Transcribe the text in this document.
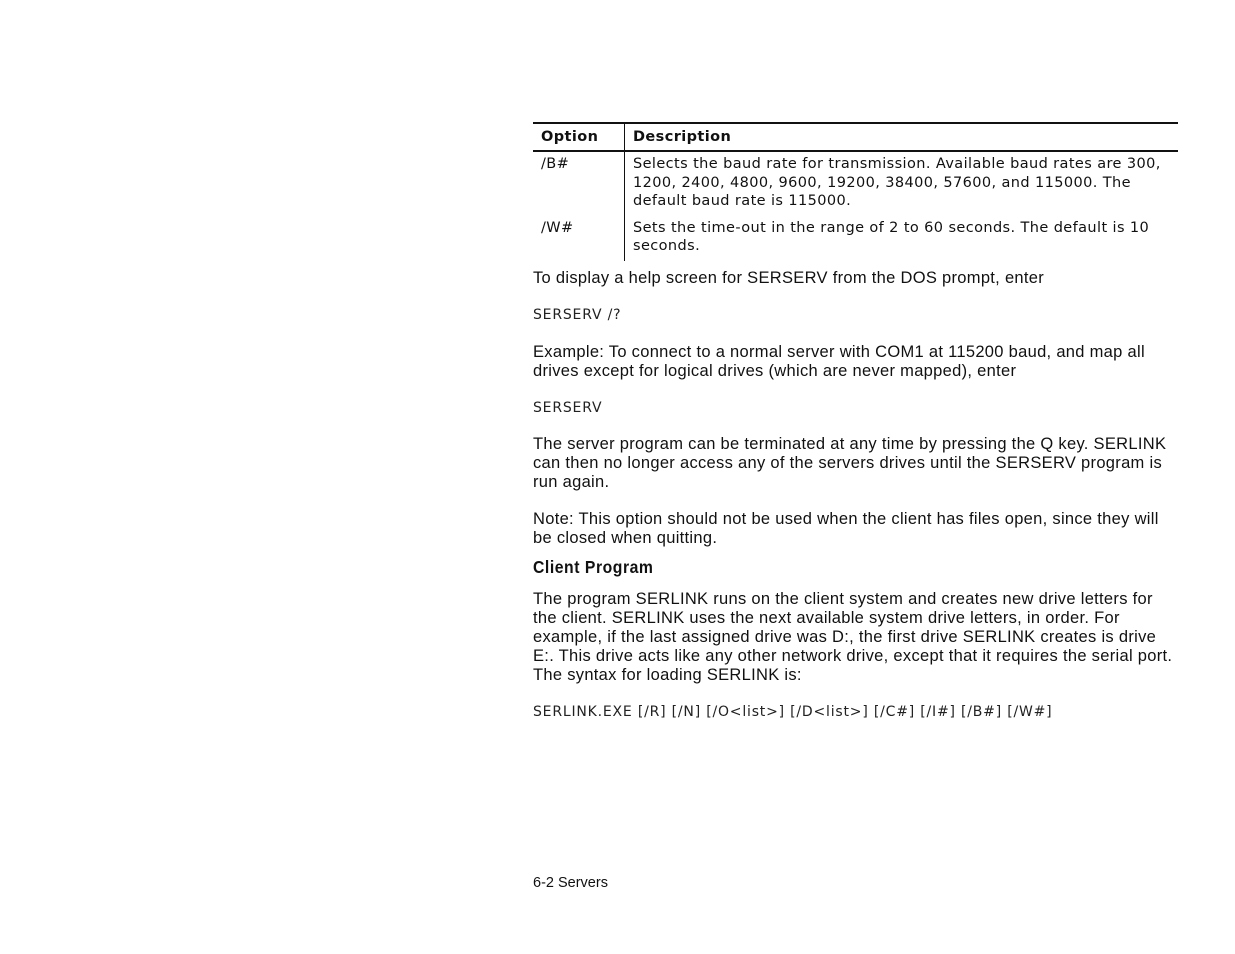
Option	Description
/B#	Selects the baud rate for transmission. Available baud rates are 300, 1200, 2400, 4800, 9600, 19200, 38400, 57600, and 115000. The default baud rate is 115000.
/W#	Sets the time-out in the range of 2 to 60 seconds. The default is 10 seconds.

To display a help screen for SERSERV from the DOS prompt, enter

SERSERV /?

Example: To connect to a normal server with COM1 at 115200 baud, and map all drives except for logical drives (which are never mapped), enter

SERSERV

The server program can be terminated at any time by pressing the Q key. SERLINK can then no longer access any of the servers drives until the SERSERV program is run again.

Note: This option should not be used when the client has files open, since they will be closed when quitting.

Client Program

The program SERLINK runs on the client system and creates new drive letters for the client. SERLINK uses the next available system drive letters, in order. For example, if the last assigned drive was D:, the first drive SERLINK creates is drive E:. This drive acts like any other network drive, except that it requires the serial port. The syntax for loading SERLINK is:

SERLINK.EXE [/R] [/N] [/O<list>] [/D<list>] [/C#] [/I#] [/B#] [/W#]

6-2 Servers
